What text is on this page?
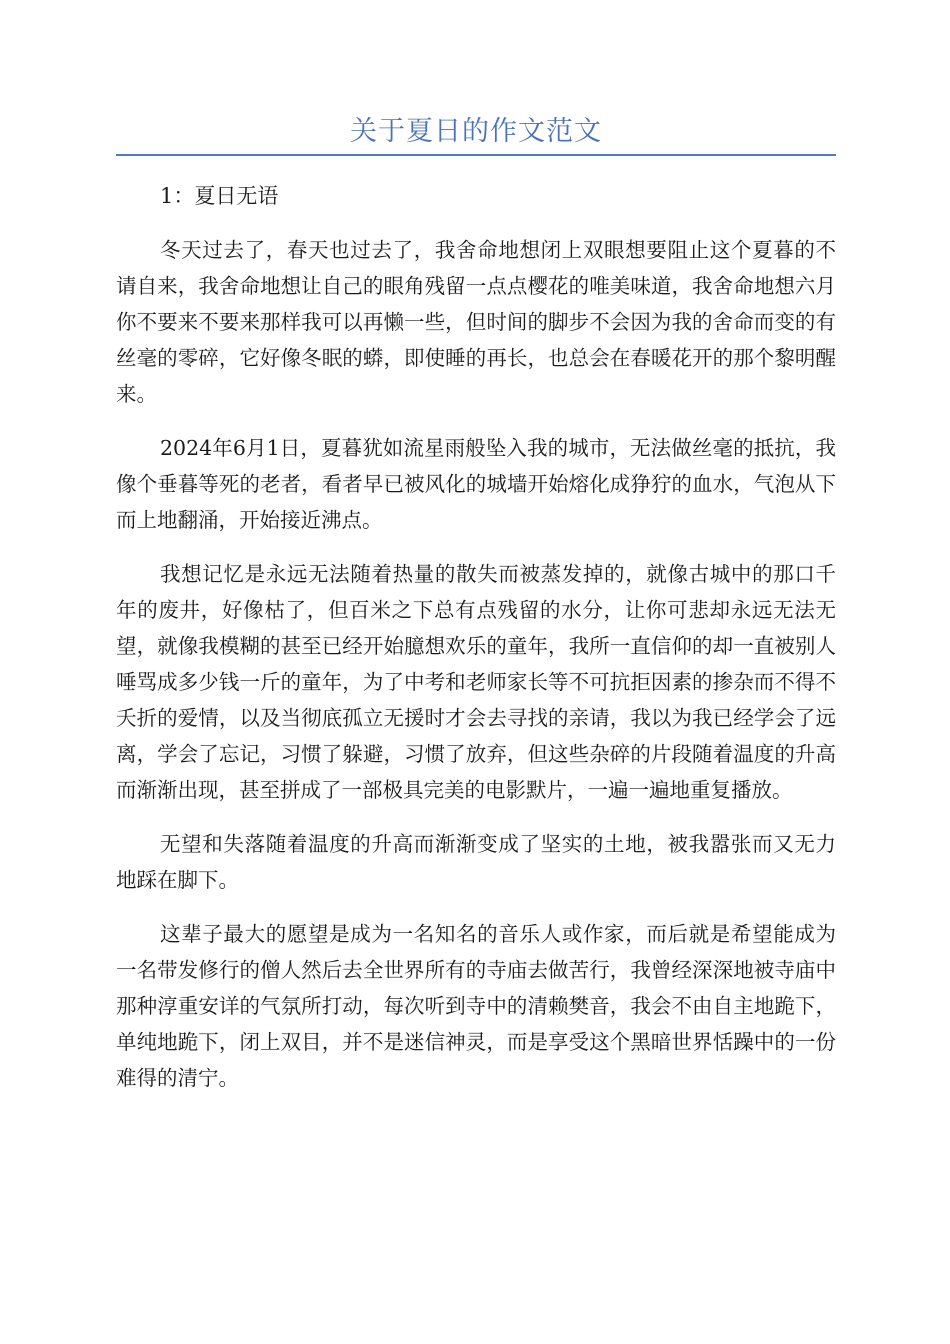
关于夏日的作文范文

1：夏日无语

冬天过去了，春天也过去了，我舍命地想闭上双眼想要阻止这个夏暮的不请自来，我舍命地想让自己的眼角残留一点点樱花的唯美味道，我舍命地想六月你不要来不要来那样我可以再懒一些，但时间的脚步不会因为我的舍命而变的有丝毫的零碎，它好像冬眠的蟒，即使睡的再长，也总会在春暖花开的那个黎明醒来。

2024年6月1日，夏暮犹如流星雨般坠入我的城市，无法做丝毫的抵抗，我像个垂暮等死的老者，看者早已被风化的城墙开始熔化成狰狞的血水，气泡从下而上地翻涌，开始接近沸点。

我想记忆是永远无法随着热量的散失而被蒸发掉的，就像古城中的那口千年的废井，好像枯了，但百米之下总有点残留的水分，让你可悲却永远无法无望，就像我模糊的甚至已经开始臆想欢乐的童年，我所一直信仰的却一直被别人唾骂成多少钱一斤的童年，为了中考和老师家长等不可抗拒因素的掺杂而不得不夭折的爱情，以及当彻底孤立无援时才会去寻找的亲请，我以为我已经学会了远离，学会了忘记，习惯了躲避，习惯了放弃，但这些杂碎的片段随着温度的升高而渐渐出现，甚至拼成了一部极具完美的电影默片，一遍一遍地重复播放。

无望和失落随着温度的升高而渐渐变成了坚实的土地，被我嚣张而又无力地踩在脚下。

这辈子最大的愿望是成为一名知名的音乐人或作家，而后就是希望能成为一名带发修行的僧人然后去全世界所有的寺庙去做苦行，我曾经深深地被寺庙中那种淳重安详的气氛所打动，每次听到寺中的清赖樊音，我会不由自主地跪下，单纯地跪下，闭上双目，并不是迷信神灵，而是享受这个黑暗世界恬躁中的一份难得的清宁。
